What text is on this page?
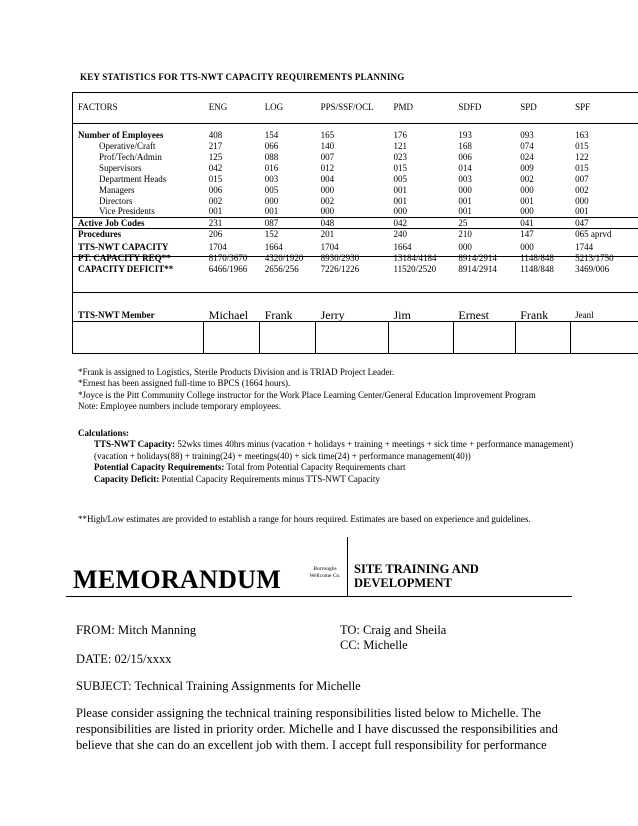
KEY STATISTICS FOR TTS-NWT CAPACITY REQUIREMENTS PLANNING
FACTORS	ENG	LOG	PPS/SSF/OCL	PMD	SDFD	SPD	SPF

Number of Employees	408	154	165	176	193	093	163
Operative/Craft	217	066	140	121	168	074	015
Prof/Tech/Admin	125	088	007	023	006	024	122
Supervisors	042	016	012	015	014	009	015
Department Heads	015	003	004	005	003	002	007
Managers	006	005	000	001	000	000	002
Directors	002	000	002	001	001	001	000
Vice Presidents	001	001	000	000	001	000	001
Active Job Codes	231	087	048	042	25	041	047
Procedures	206	152	201	240	210	147	065 aprvd

TTS-NWT CAPACITY	1704	1664	1704	1664	000	000	1744
PT. CAPACITY REQ**	8170/3670	4320/1920	8930/2930	13184/4184	8914/2914	1148/848	5213/1750
CAPACITY DEFICIT**	6466/1966	2656/256	7226/1226	11520/2520	8914/2914	1148/848	3469/006

TTS-NWT Member	Michael	Frank	Jerry	Jim	Ernest	Frank	Jeanl
*Frank is assigned to Logistics, Sterile Products Division and is TRIAD Project Leader.
*Ernest has been assigned full-time to BPCS (1664 hours).
*Joyce is the Pitt Community College instructor for the Work Place Learning Center/General Education Improvement Program
Note: Employee numbers include temporary employees.
Calculations:
TTS-NWT Capacity: 52wks times 40hrs minus (vacation + holidays + training + meetings + sick time + performance management)
(vacation + holidays(88) + training(24) + meetings(40) + sick time(24) + performance management(40))
Potential Capacity Requirements: Total from Potential Capacity Requirements chart
Capacity Deficit: Potential Capacity Requirements minus TTS-NWT Capacity
**High/Low estimates are provided to establish a range for hours required. Estimates are based on experience and guidelines.
MEMORANDUM	Burroughs Wellcome Co.	SITE TRAINING AND
DEVELOPMENT
FROM: Mitch Manning	TO: Craig and Sheila
CC: Michelle
DATE: 02/15/xxxx
SUBJECT: Technical Training Assignments for Michelle
Please consider assigning the technical training responsibilities listed below to Michelle. The
responsibilities are listed in priority order. Michelle and I have discussed the responsibilities and
believe that she can do an excellent job with them. I accept full responsibility for performance
